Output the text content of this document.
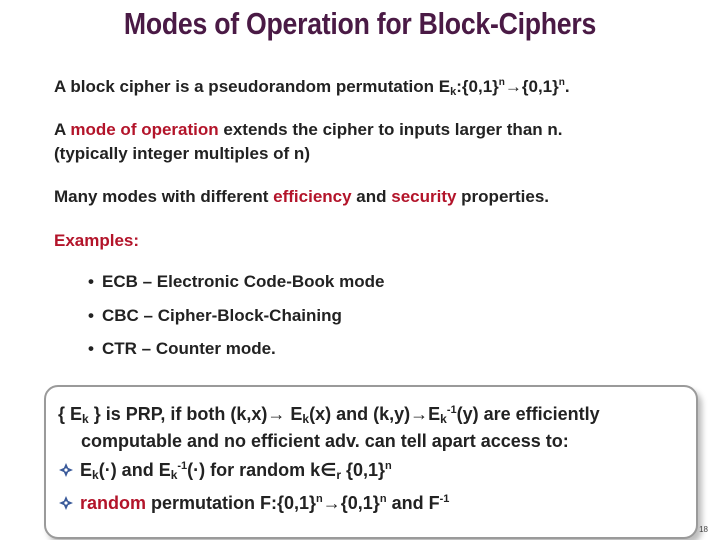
Modes of Operation for Block-Ciphers
A block cipher is a pseudorandom permutation $Ek:\{0,1\}^n\to\{0,1\}^n$.
A mode of operation extends the cipher to inputs larger than n.
(typically integer multiples of n)
Many modes with different efficiency and security properties.
Examples:
• ECB – Electronic Code-Book mode
• CBC – Cipher-Block-Chaining
• CTR – Counter mode.
{ Ek } is PRP, if both (k,x)→ Ek(x) and $(k,y)\to Ek^{-1}(y)$ are efficiently
computable and no efficient adv. can tell apart access to:
Ek(·) and $Ek^{-1}(\cdot)$ for random k∈r $\{0,1\}^n$
random permutation $F:\{0,1\}^n\to\{0,1\}^n$ and $F^{-1}$
18
